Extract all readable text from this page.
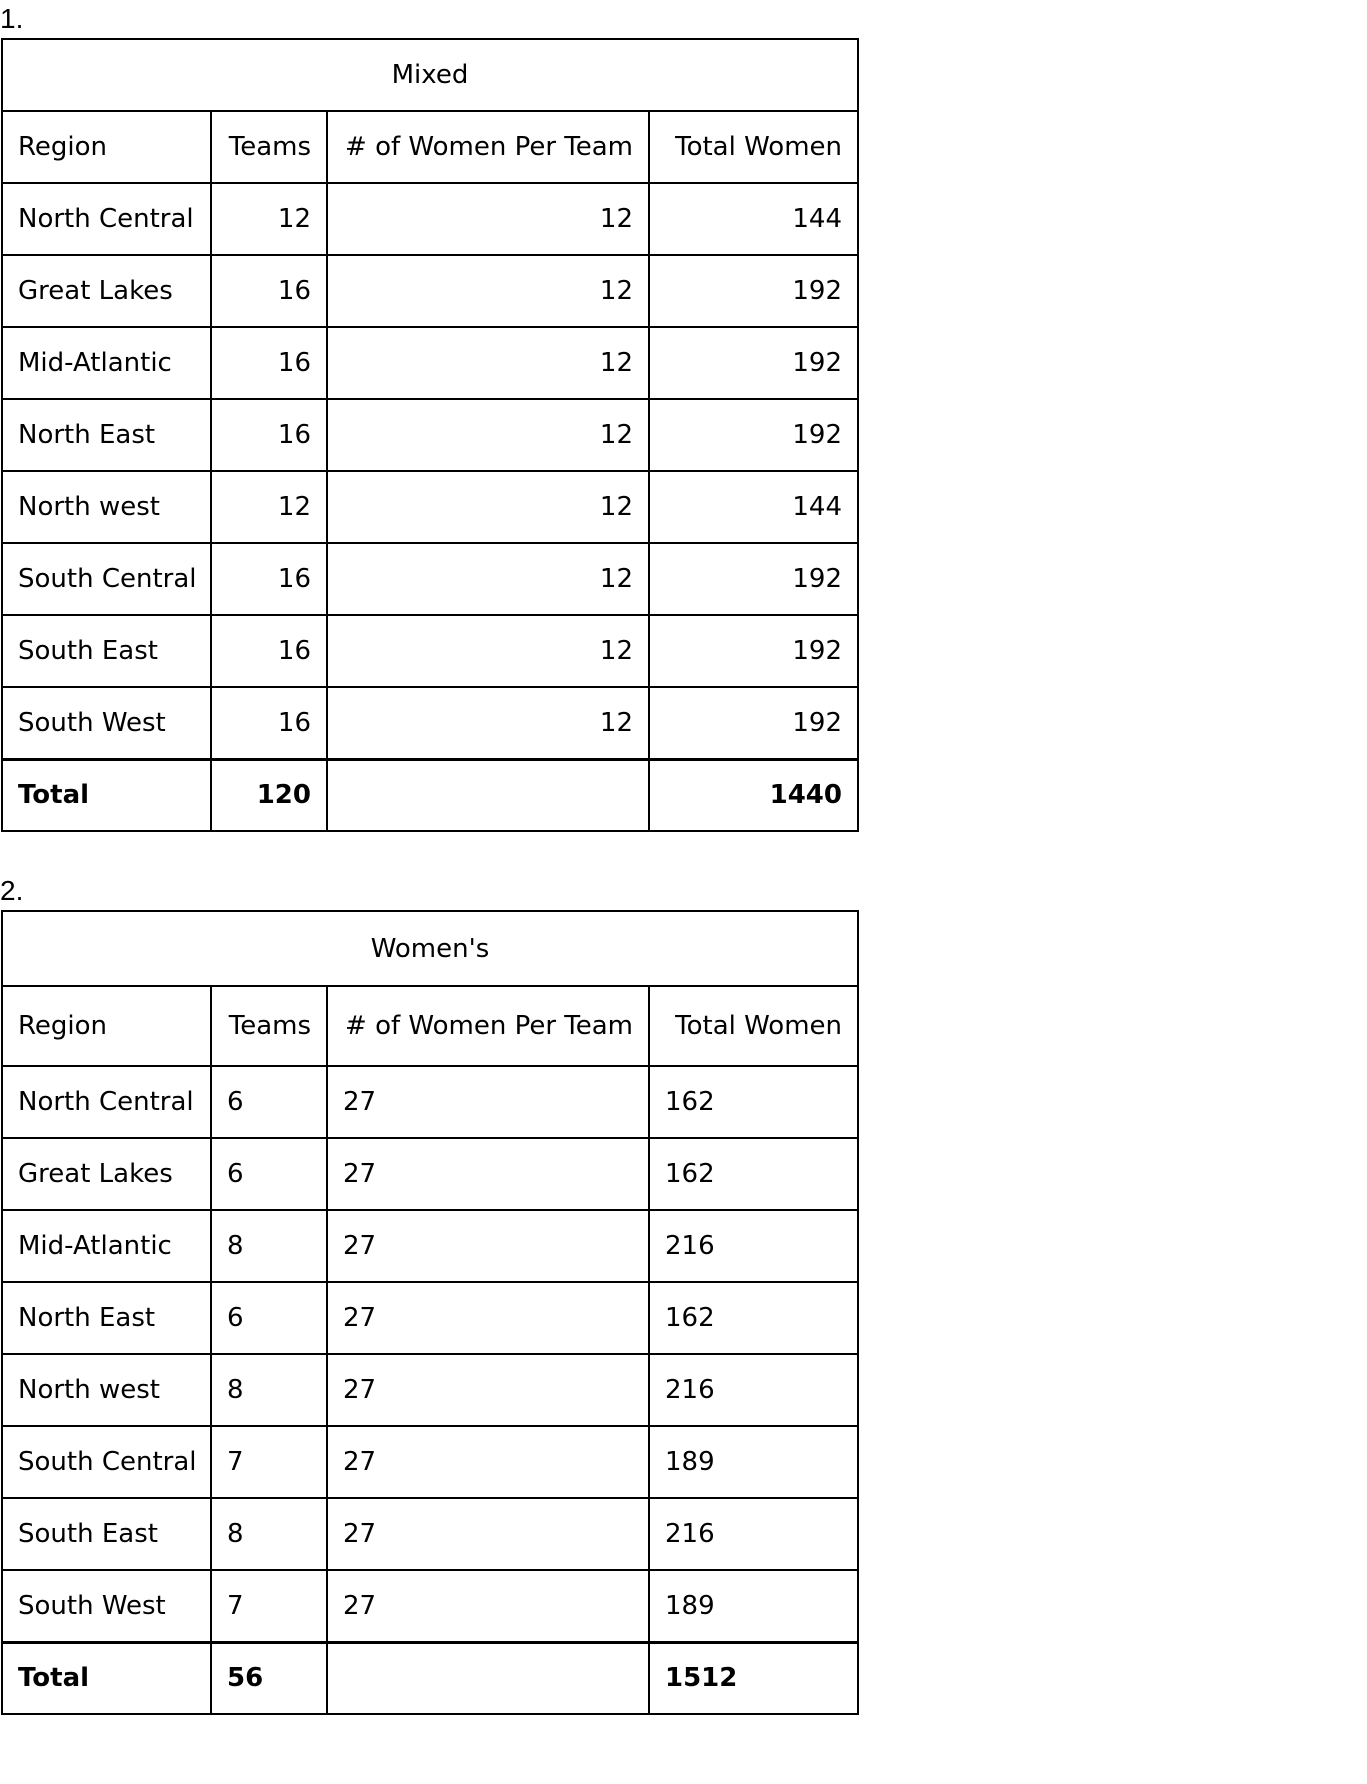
1.
Mixed			
Region	Teams	# of Women Per Team	Total Women
North Central	12	12	144
Great Lakes	16	12	192
Mid-Atlantic	16	12	192
North East	16	12	192
North west	12	12	144
South Central	16	12	192
South East	16	12	192
South West	16	12	192
Total	120		1440
2.
Women's			
Region	Teams	# of Women Per Team	Total Women
North Central	6	27	162
Great Lakes	6	27	162
Mid-Atlantic	8	27	216
North East	6	27	162
North west	8	27	216
South Central	7	27	189
South East	8	27	216
South West	7	27	189
Total	56		1512
